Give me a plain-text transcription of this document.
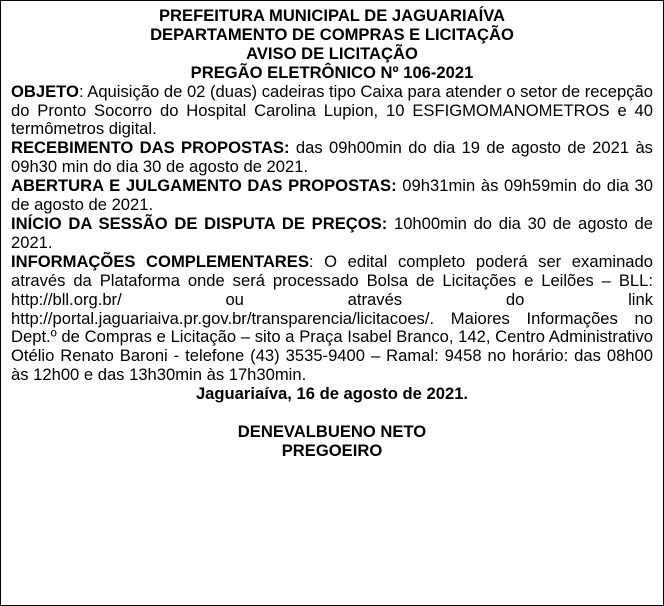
PREFEITURA MUNICIPAL DE JAGUARIAÍVA
DEPARTAMENTO DE COMPRAS E LICITAÇÃO
AVISO DE LICITAÇÃO
PREGÃO ELETRÔNICO Nº 106-2021

OBJETO: Aquisição de 02 (duas) cadeiras tipo Caixa para atender o setor de recepção do Pronto Socorro do Hospital Carolina Lupion, 10 ESFIGMOMANOMETROS e 40 termômetros digital.

RECEBIMENTO DAS PROPOSTAS: das 09h00min do dia 19 de agosto de 2021 às 09h30 min do dia 30 de agosto de 2021.

ABERTURA E JULGAMENTO DAS PROPOSTAS: 09h31min às 09h59min do dia 30 de agosto de 2021.

INÍCIO DA SESSÃO DE DISPUTA DE PREÇOS: 10h00min do dia 30 de agosto de 2021.

INFORMAÇÕES COMPLEMENTARES: O edital completo poderá ser examinado através da Plataforma onde será processado Bolsa de Licitações e Leilões – BLL: http://bll.org.br/ ou através do link http://portal.jaguariaiva.pr.gov.br/transparencia/licitacoes/. Maiores Informações no Dept.º de Compras e Licitação – sito a Praça Isabel Branco, 142, Centro Administrativo Otélio Renato Baroni - telefone (43) 3535-9400 – Ramal: 9458 no horário: das 08h00 às 12h00 e das 13h30min às 17h30min.

Jaguariaíva, 16 de agosto de 2021.

DENEVALBUENO NETO

PREGOEIRO
